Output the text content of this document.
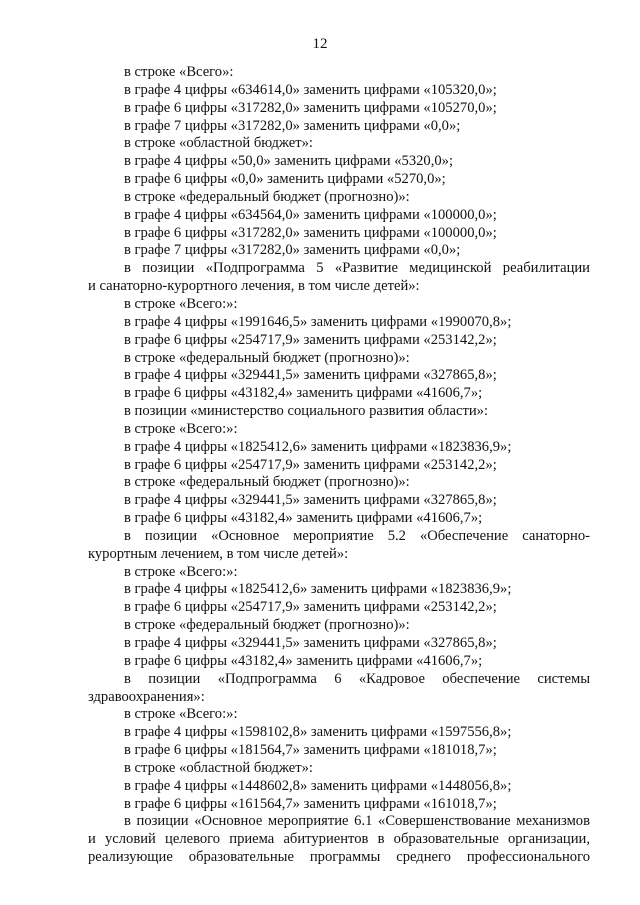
12
в строке «Всего»:
в графе 4 цифры «634614,0» заменить цифрами «105320,0»;
в графе 6 цифры «317282,0» заменить цифрами «105270,0»;
в графе 7 цифры «317282,0» заменить цифрами «0,0»;
в строке «областной бюджет»:
в графе 4 цифры «50,0» заменить цифрами «5320,0»;
в графе 6 цифры «0,0» заменить цифрами «5270,0»;
в строке «федеральный бюджет (прогнозно)»:
в графе 4 цифры «634564,0» заменить цифрами «100000,0»;
в графе 6 цифры «317282,0» заменить цифрами «100000,0»;
в графе 7 цифры «317282,0» заменить цифрами «0,0»;
в позиции «Подпрограмма 5 «Развитие медицинской реабилитации
и санаторно-курортного лечения, в том числе детей»:
в строке «Всего:»:
в графе 4 цифры «1991646,5» заменить цифрами «1990070,8»;
в графе 6 цифры «254717,9» заменить цифрами «253142,2»;
в строке «федеральный бюджет (прогнозно)»:
в графе 4 цифры «329441,5» заменить цифрами «327865,8»;
в графе 6 цифры «43182,4» заменить цифрами «41606,7»;
в позиции «министерство социального развития области»:
в строке «Всего:»:
в графе 4 цифры «1825412,6» заменить цифрами «1823836,9»;
в графе 6 цифры «254717,9» заменить цифрами «253142,2»;
в строке «федеральный бюджет (прогнозно)»:
в графе 4 цифры «329441,5» заменить цифрами «327865,8»;
в графе 6 цифры «43182,4» заменить цифрами «41606,7»;
в позиции «Основное мероприятие 5.2 «Обеспечение санаторно-
курортным лечением, в том числе детей»:
в строке «Всего:»:
в графе 4 цифры «1825412,6» заменить цифрами «1823836,9»;
в графе 6 цифры «254717,9» заменить цифрами «253142,2»;
в строке «федеральный бюджет (прогнозно)»:
в графе 4 цифры «329441,5» заменить цифрами «327865,8»;
в графе 6 цифры «43182,4» заменить цифрами «41606,7»;
в позиции «Подпрограмма 6 «Кадровое обеспечение системы
здравоохранения»:
в строке «Всего:»:
в графе 4 цифры «1598102,8» заменить цифрами «1597556,8»;
в графе 6 цифры «181564,7» заменить цифрами «181018,7»;
в строке «областной бюджет»:
в графе 4 цифры «1448602,8» заменить цифрами «1448056,8»;
в графе 6 цифры «161564,7» заменить цифрами «161018,7»;
в позиции «Основное мероприятие 6.1 «Совершенствование механизмов
и условий целевого приема абитуриентов в образовательные организации,
реализующие образовательные программы среднего профессионального
